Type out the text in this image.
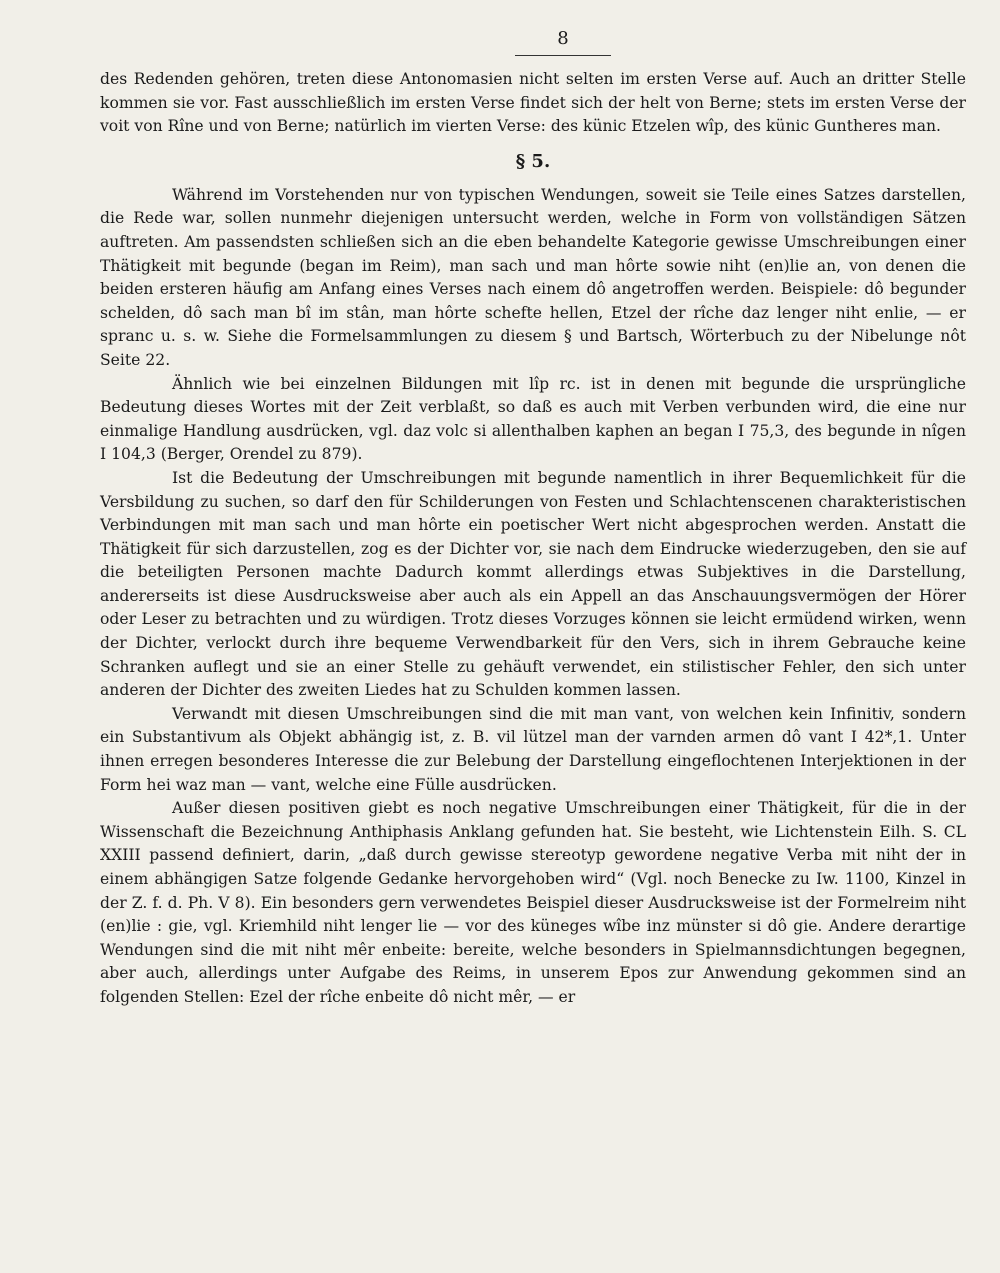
8

des Redenden gehören, treten diese Antonomasien nicht selten im ersten Verse auf. Auch an dritter Stelle kommen sie vor. Fast ausschließlich im ersten Verse findet sich der helt von Berne; stets im ersten Verse der voit von Rîne und von Berne; natürlich im vierten Verse: des künic Etzelen wîp, des künic Guntheres man.

§ 5.

Während im Vorstehenden nur von typischen Wendungen, soweit sie Teile eines Satzes darstellen, die Rede war, sollen nunmehr diejenigen untersucht werden, welche in Form von vollständigen Sätzen auftreten. Am passendsten schließen sich an die eben behandelte Kategorie gewisse Umschreibungen einer Thätigkeit mit begunde (began im Reim), man sach und man hôrte sowie niht (en)lie an, von denen die beiden ersteren häufig am Anfang eines Verses nach einem dô angetroffen werden. Beispiele: dô begunder schelden, dô sach man bî im stân, man hôrte schefte hellen, Etzel der rîche daz lenger niht enlie, — er spranc u. s. w. Siehe die Formelsammlungen zu diesem § und Bartsch, Wörterbuch zu der Nibelunge nôt Seite 22.

Ähnlich wie bei einzelnen Bildungen mit lîp rc. ist in denen mit begunde die ursprüngliche Bedeutung dieses Wortes mit der Zeit verblaßt, so daß es auch mit Verben verbunden wird, die eine nur einmalige Handlung ausdrücken, vgl. daz volc si allenthalben kaphen an began I 75,3, des begunde in nîgen I 104,3 (Berger, Orendel zu 879).

Ist die Bedeutung der Umschreibungen mit begunde namentlich in ihrer Bequemlichkeit für die Versbildung zu suchen, so darf den für Schilderungen von Festen und Schlachtenscenen charakteristischen Verbindungen mit man sach und man hôrte ein poetischer Wert nicht abgesprochen werden. Anstatt die Thätigkeit für sich darzustellen, zog es der Dichter vor, sie nach dem Eindrucke wiederzugeben, den sie auf die beteiligten Personen machte Dadurch kommt allerdings etwas Subjektives in die Darstellung, andererseits ist diese Ausdrucksweise aber auch als ein Appell an das Anschauungsvermögen der Hörer oder Leser zu betrachten und zu würdigen. Trotz dieses Vorzuges können sie leicht ermüdend wirken, wenn der Dichter, verlockt durch ihre bequeme Verwendbarkeit für den Vers, sich in ihrem Gebrauche keine Schranken auflegt und sie an einer Stelle zu gehäuft verwendet, ein stilistischer Fehler, den sich unter anderen der Dichter des zweiten Liedes hat zu Schulden kommen lassen.

Verwandt mit diesen Umschreibungen sind die mit man vant, von welchen kein Infinitiv, sondern ein Substantivum als Objekt abhängig ist, z. B. vil lützel man der varnden armen dô vant I 42*,1. Unter ihnen erregen besonderes Interesse die zur Belebung der Darstellung eingeflochtenen Interjektionen in der Form hei waz man — vant, welche eine Fülle ausdrücken.

Außer diesen positiven giebt es noch negative Umschreibungen einer Thätigkeit, für die in der Wissenschaft die Bezeichnung Anthiphasis Anklang gefunden hat. Sie besteht, wie Lichtenstein Eilh. S. CL XXIII passend definiert, darin, „daß durch gewisse stereotyp gewordene negative Verba mit niht der in einem abhängigen Satze folgende Gedanke hervorgehoben wird“ (Vgl. noch Benecke zu Iw. 1100, Kinzel in der Z. f. d. Ph. V 8). Ein besonders gern verwendetes Beispiel dieser Ausdrucksweise ist der Formelreim niht (en)lie : gie, vgl. Kriemhild niht lenger lie — vor des küneges wîbe inz münster si dô gie. Andere derartige Wendungen sind die mit niht mêr enbeite: bereite, welche besonders in Spielmannsdichtungen begegnen, aber auch, allerdings unter Aufgabe des Reims, in unserem Epos zur Anwendung gekommen sind an folgenden Stellen: Ezel der rîche enbeite dô nicht mêr, — er
